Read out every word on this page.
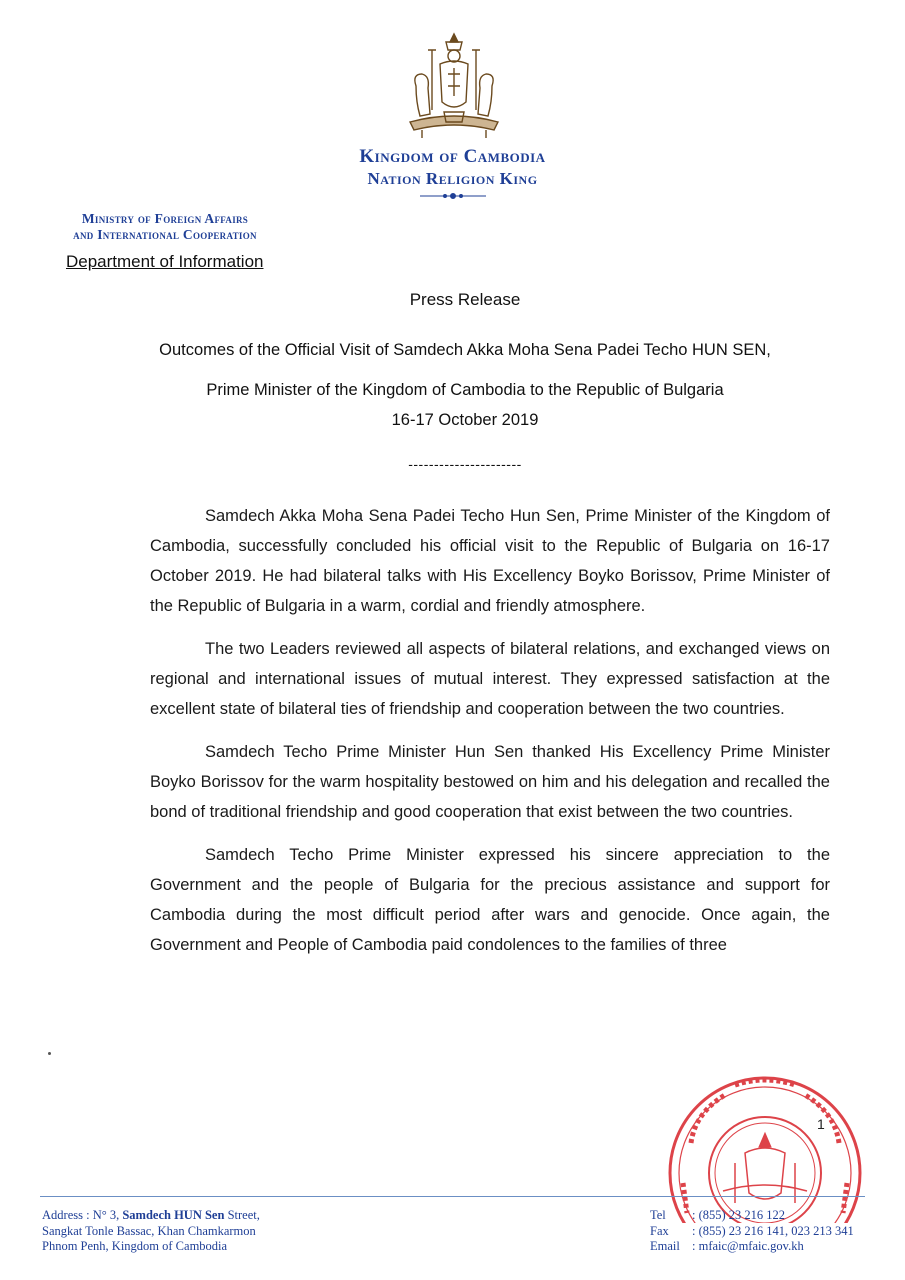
Kingdom of Cambodia
Nation Religion King
Ministry of Foreign Affairs
and International Cooperation
Department of Information
Press Release
Outcomes of the Official Visit of Samdech Akka Moha Sena Padei Techo HUN SEN,
Prime Minister of the Kingdom of Cambodia to the Republic of Bulgaria
16-17 October 2019
----------------------

Samdech Akka Moha Sena Padei Techo Hun Sen, Prime Minister of the Kingdom of Cambodia, successfully concluded his official visit to the Republic of Bulgaria on 16-17 October 2019. He had bilateral talks with His Excellency Boyko Borissov, Prime Minister of the Republic of Bulgaria in a warm, cordial and friendly atmosphere.

The two Leaders reviewed all aspects of bilateral relations, and exchanged views on regional and international issues of mutual interest. They expressed satisfaction at the excellent state of bilateral ties of friendship and cooperation between the two countries.

Samdech Techo Prime Minister Hun Sen thanked His Excellency Prime Minister Boyko Borissov for the warm hospitality bestowed on him and his delegation and recalled the bond of traditional friendship and good cooperation that exist between the two countries.

Samdech Techo Prime Minister expressed his sincere appreciation to the Government and the people of Bulgaria for the precious assistance and support for Cambodia during the most difficult period after wars and genocide. Once again, the Government and People of Cambodia paid condolences to the families of three

1
Address : N° 3, Samdech HUN Sen Street,
Sangkat Tonle Bassac, Khan Chamkarmon
Phnom Penh, Kingdom of Cambodia
Tel	: (855) 23 216 122
Fax	: (855) 23 216 141, 023 213 341
Email : mfaic@mfaic.gov.kh
